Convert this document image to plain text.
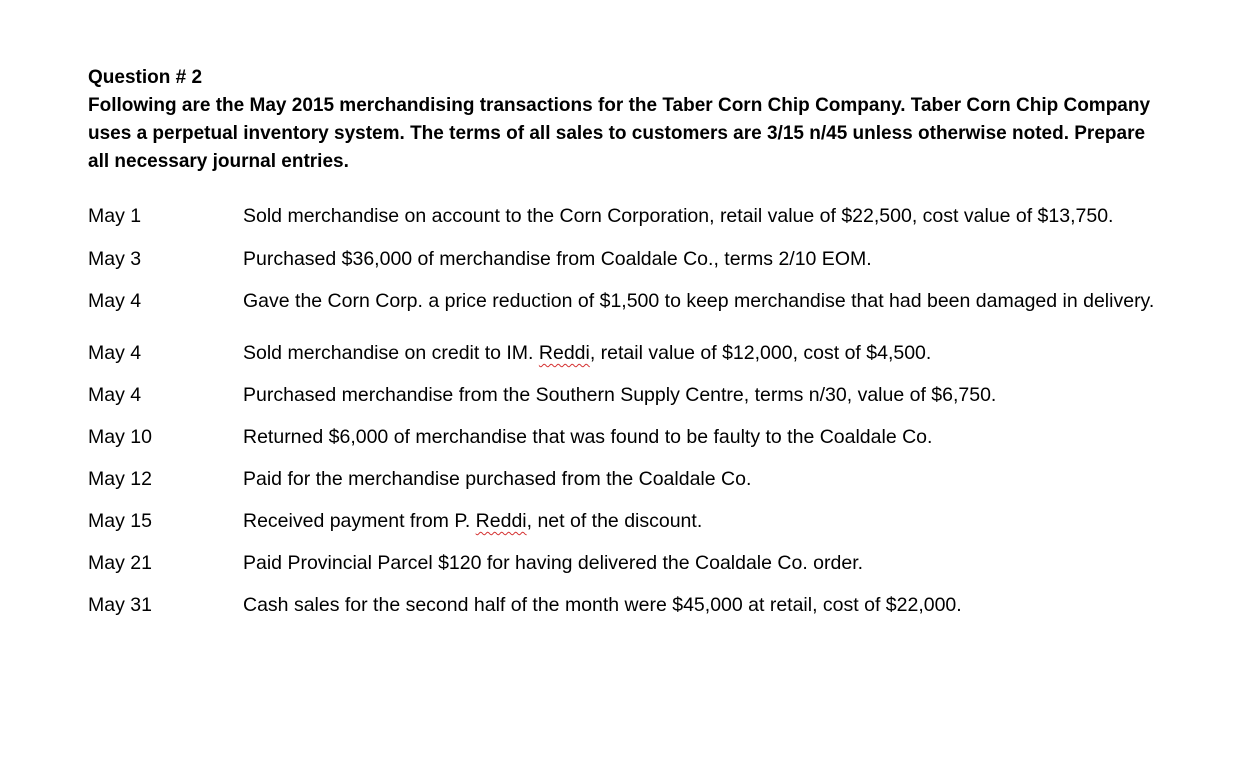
Question # 2

Following are the May 2015 merchandising transactions for the Taber Corn Chip Company. Taber Corn Chip Company uses a perpetual inventory system. The terms of all sales to customers are 3/15 n/45 unless otherwise noted. Prepare all necessary journal entries.

May 1	Sold merchandise on account to the Corn Corporation, retail value of $22,500, cost value of $13,750.
May 3	Purchased $36,000 of merchandise from Coaldale Co., terms 2/10 EOM.
May 4	Gave the Corn Corp. a price reduction of $1,500 to keep merchandise that had been damaged in delivery.
May 4	Sold merchandise on credit to IM. Reddi, retail value of $12,000, cost of $4,500.
May 4	Purchased merchandise from the Southern Supply Centre, terms n/30, value of $6,750.
May 10	Returned $6,000 of merchandise that was found to be faulty to the Coaldale Co.
May 12	Paid for the merchandise purchased from the Coaldale Co.
May 15	Received payment from P. Reddi, net of the discount.
May 21	Paid Provincial Parcel $120 for having delivered the Coaldale Co. order.
May 31	Cash sales for the second half of the month were $45,000 at retail, cost of $22,000.
